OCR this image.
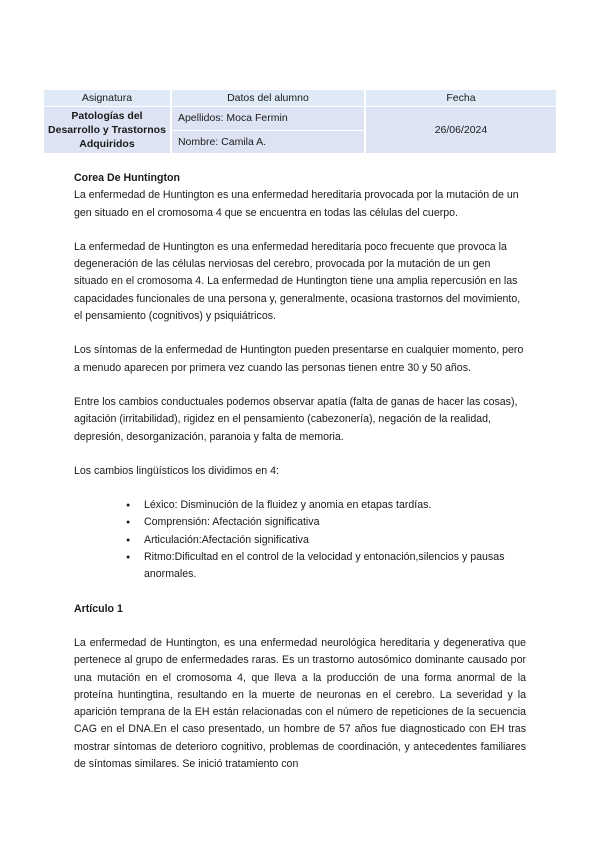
Asignatura	Datos del alumno	Fecha
Patologías del Desarrollo y Trastornos Adquiridos	Apellidos: Moca Fermin	26/06/2024
	Nombre: Camila A.	

Corea De Huntington

La enfermedad de Huntington es una enfermedad hereditaria provocada por la mutación de un gen situado en el cromosoma 4 que se encuentra en todas las células del cuerpo.

La enfermedad de Huntington es una enfermedad hereditaria poco frecuente que provoca la degeneración de las células nerviosas del cerebro, provocada por la mutación de un gen situado en el cromosoma 4. La enfermedad de Huntington tiene una amplia repercusión en las capacidades funcionales de una persona y, generalmente, ocasiona trastornos del movimiento, el pensamiento (cognitivos) y psiquiátricos.

Los síntomas de la enfermedad de Huntington pueden presentarse en cualquier momento, pero a menudo aparecen por primera vez cuando las personas tienen entre 30 y 50 años.

Entre los cambios conductuales podemos observar apatía (falta de ganas de hacer las cosas), agitación (irritabilidad), rigidez en el pensamiento (cabezonería), negación de la realidad, depresión, desorganización, paranoia y falta de memoria.

Los cambios lingüísticos los dividimos en 4:

● Léxico: Disminución de la fluidez y anomia en etapas tardías.
● Comprensión: Afectación significativa
● Articulación:Afectación significativa
● Ritmo:Dificultad en el control de la velocidad y entonación,silencios y pausas anormales.

Artículo 1

La enfermedad de Huntington, es una enfermedad neurológica hereditaria y degenerativa que pertenece al grupo de enfermedades raras. Es un trastorno autosómico dominante causado por una mutación en el cromosoma 4, que lleva a la producción de una forma anormal de la proteína huntingtina, resultando en la muerte de neuronas en el cerebro. La severidad y la aparición temprana de la EH están relacionadas con el número de repeticiones de la secuencia CAG en el DNA.En el caso presentado, un hombre de 57 años fue diagnosticado con EH tras mostrar síntomas de deterioro cognitivo, problemas de coordinación, y antecedentes familiares de síntomas similares. Se inició tratamiento con
